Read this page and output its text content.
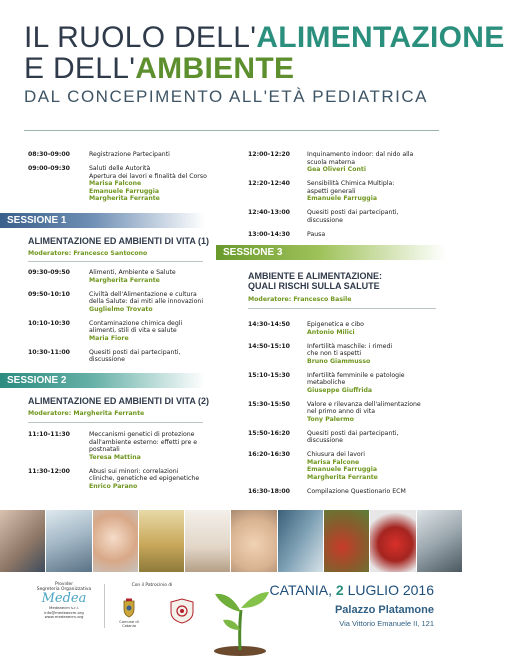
IL RUOLO DELL'ALIMENTAZIONE
E DELL'AMBIENTE
DAL CONCEPIMENTO ALL'ETÀ PEDIATRICA
SESSIONE 1
ALIMENTAZIONE ED AMBIENTI DI VITA (1)
Moderatore: Francesco Santocono
SESSIONE 2
ALIMENTAZIONE ED AMBIENTI DI VITA (2)
Moderatore: Margherita Ferrante
SESSIONE 3
AMBIENTE E ALIMENTAZIONE:
QUALI RISCHI SULLA SALUTE
Moderatore: Francesco Basile
Provider
Segreteria Organizzativa
Medea
Medeaecm s.r.l.
info@medeaecm.org
www.medeaecm.org
Con il Patrocinio di
Comune di Catania
CATANIA, 2 LUGLIO 2016
Palazzo Platamone
Via Vittorio Emanuele II, 121
08:30-09:00	Registrazione Partecipanti
09:00-09:30	Saluti delle Autorità
Apertura dei lavori e finalità del Corso
Marisa Falcone
Emanuele Farruggia
Margherita Ferrante
09:30-09:50	Alimenti, Ambiente e Salute
Margherita Ferrante
09:50-10:10	Civiltà dell'Alimentazione e cultura
della Salute: dai miti alle innovazioni
Guglielmo Trovato
10:10-10:30	Contaminazione chimica degli
alimenti, stili di vita e salute
Maria Fiore
10:30-11:00	Quesiti posti dai partecipanti,
discussione
11:10-11:30	Meccanismi genetici di protezione
dall'ambiente esterno: effetti pre e
postnatali
Teresa Mattina
11:30-12:00	Abusi sui minori: correlazioni
cliniche, genetiche ed epigenetiche
Enrico Parano
12:00-12:20	Inquinamento indoor: dal nido alla
scuola materna
Gea Oliveri Conti
12:20-12:40	Sensibilità Chimica Multipla:
aspetti generali
Emanuele Farruggia
12:40-13:00	Quesiti posti dai partecipanti,
discussione
13:00-14:30	Pausa
14:30-14:50	Epigenetica e cibo
Antonio Milici
14:50-15:10	Infertilità maschile: i rimedi
che non ti aspetti
Bruno Giammusso
15:10-15:30	Infertilità femminile e patologie
metaboliche
Giuseppe Giuffrida
15:30-15:50	Valore e rilevanza dell'alimentazione
nel primo anno di vita
Tony Palermo
15:50-16:20	Quesiti posti dai partecipanti,
discussione
16:20-16:30	Chiusura dei lavori
Marisa Falcone
Emanuele Farruggia
Margherita Ferrante
16:30-18:00	Compilazione Questionario ECM
